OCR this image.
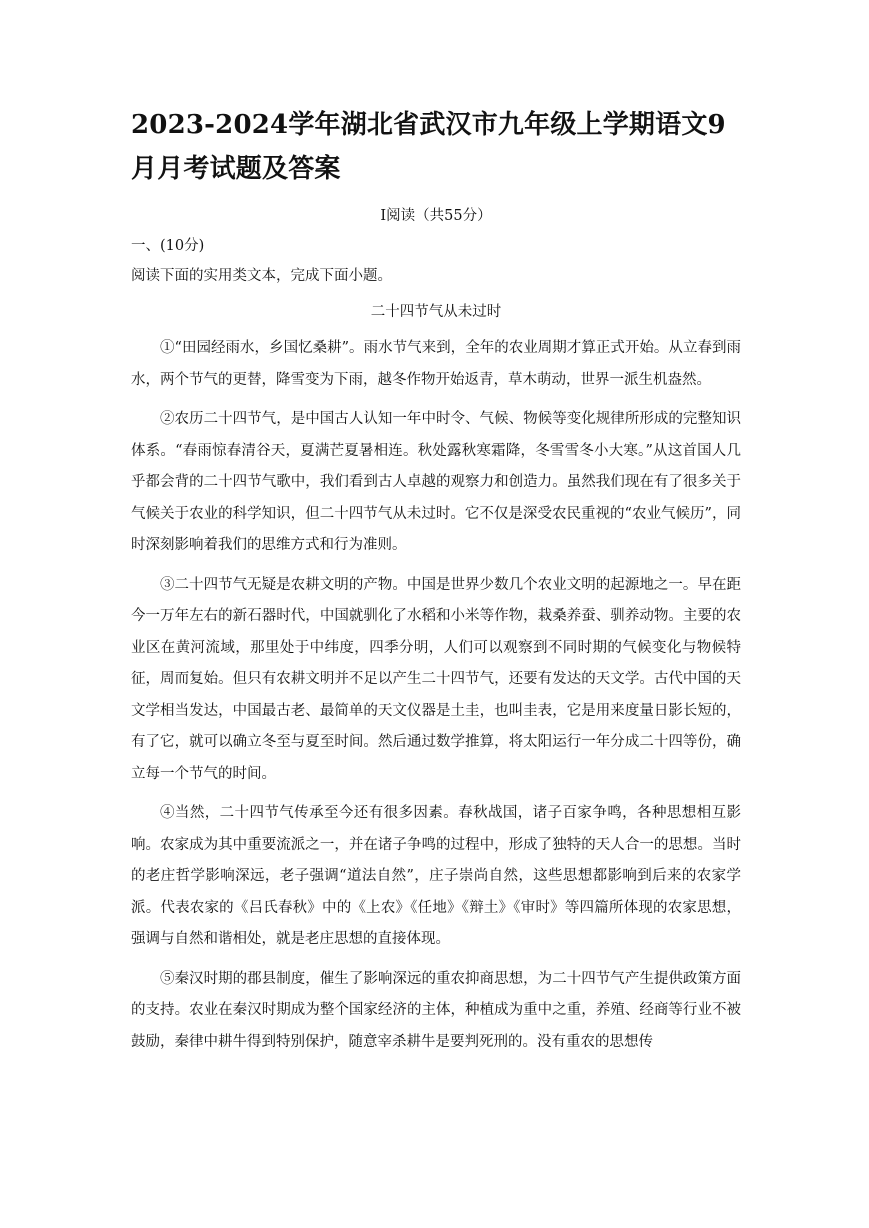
2023-2024学年湖北省武汉市九年级上学期语文9月月考试题及答案

Ⅰ阅读（共55分）

一、(10分)

阅读下面的实用类文本，完成下面小题。

二十四节气从未过时

①“田园经雨水，乡国忆桑耕”。雨水节气来到，全年的农业周期才算正式开始。从立春到雨水，两个节气的更替，降雪变为下雨，越冬作物开始返青，草木萌动，世界一派生机盎然。

②农历二十四节气，是中国古人认知一年中时令、气候、物候等变化规律所形成的完整知识体系。“春雨惊春清谷天，夏满芒夏暑相连。秋处露秋寒霜降，冬雪雪冬小大寒。”从这首国人几乎都会背的二十四节气歌中，我们看到古人卓越的观察力和创造力。虽然我们现在有了很多关于气候关于农业的科学知识，但二十四节气从未过时。它不仅是深受农民重视的“农业气候历”，同时深刻影响着我们的思维方式和行为准则。

③二十四节气无疑是农耕文明的产物。中国是世界少数几个农业文明的起源地之一。早在距今一万年左右的新石器时代，中国就驯化了水稻和小米等作物，栽桑养蚕、驯养动物。主要的农业区在黄河流域，那里处于中纬度，四季分明，人们可以观察到不同时期的气候变化与物候特征，周而复始。但只有农耕文明并不足以产生二十四节气，还要有发达的天文学。古代中国的天文学相当发达，中国最古老、最简单的天文仪器是土圭，也叫圭表，它是用来度量日影长短的，有了它，就可以确立冬至与夏至时间。然后通过数学推算，将太阳运行一年分成二十四等份，确立每一个节气的时间。

④当然，二十四节气传承至今还有很多因素。春秋战国，诸子百家争鸣，各种思想相互影响。农家成为其中重要流派之一，并在诸子争鸣的过程中，形成了独特的天人合一的思想。当时的老庄哲学影响深远，老子强调“道法自然”，庄子崇尚自然，这些思想都影响到后来的农家学派。代表农家的《吕氏春秋》中的《上农》《任地》《辩土》《审时》等四篇所体现的农家思想，强调与自然和谐相处，就是老庄思想的直接体现。

⑤秦汉时期的郡县制度，催生了影响深远的重农抑商思想，为二十四节气产生提供政策方面的支持。农业在秦汉时期成为整个国家经济的主体，种植成为重中之重，养殖、经商等行业不被鼓励，秦律中耕牛得到特别保护，随意宰杀耕牛是要判死刑的。没有重农的思想传
